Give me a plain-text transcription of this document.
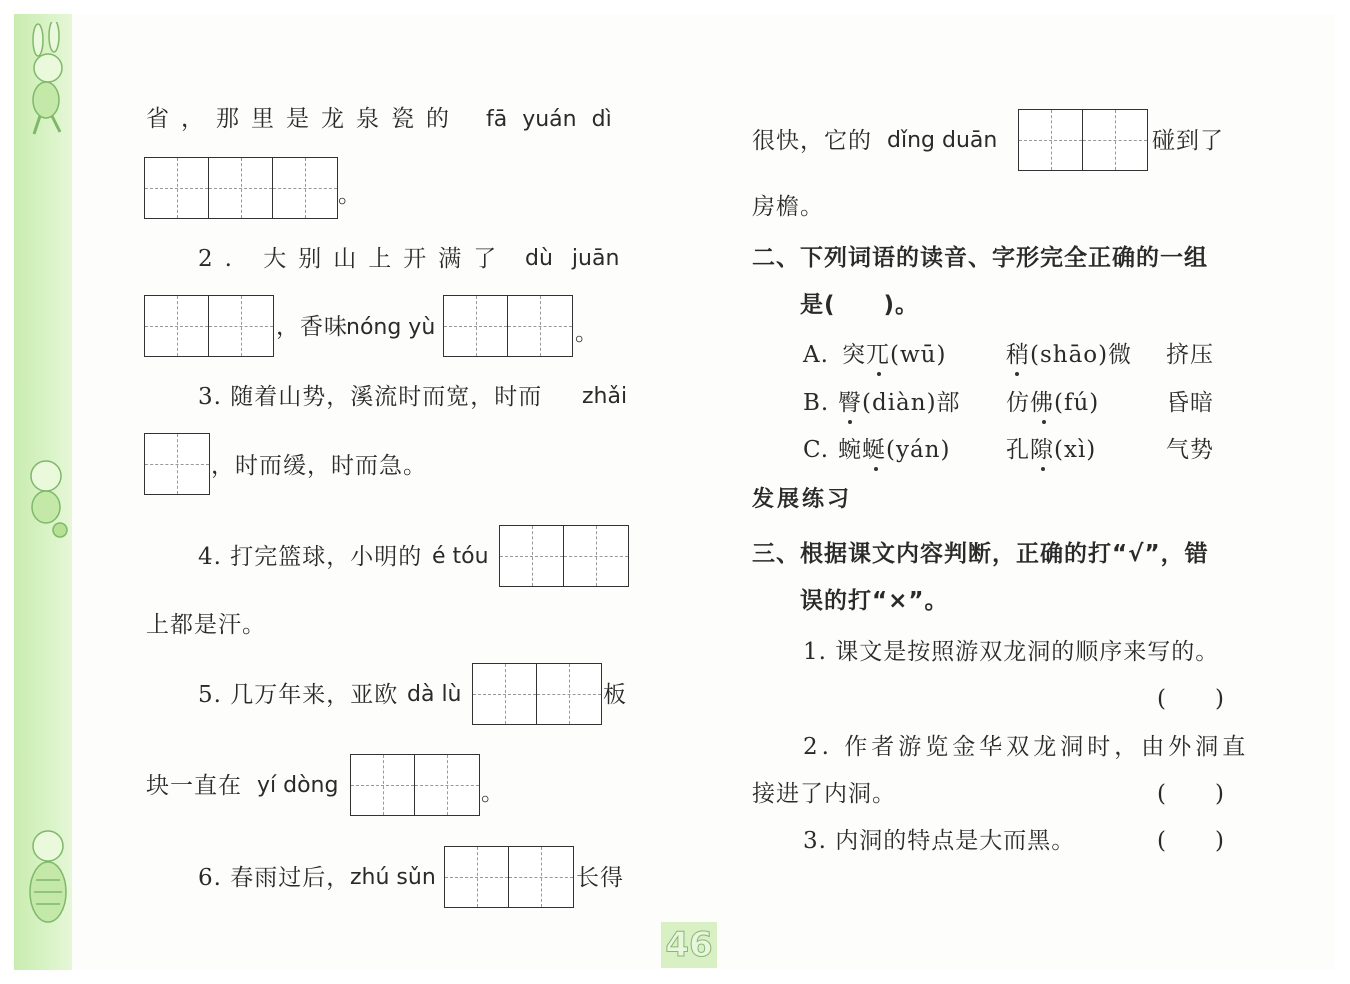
省，那里是龙泉瓷的 fā yuán dì
。
2. 大别山上开满了 dù juān
，香味
nóng yù	。
3. 随着山势，溪流时而宽，时而 zhǎi
，时而缓，时而急。
4. 打完篮球，小明的 é tóu
上都是汗。
5. 几万年来，亚欧 dà lù	板
块一直在 yí dòng	。
6. 春雨过后， zhú sǔn	长得
很快，它的 dǐng duān	碰到了
房檐。
二、下列词语的读音、字形完全正确的一组
是(　　)。
A. 突兀(wū)	稍(shāo)微 挤压
B. 臀(diàn)部 仿佛(fú)	昏暗
C. 蜿蜒(yán) 孔隙(xì)	气势
发展练习
三、根据课文内容判断，正确的打“√”，错
误的打“×”。
1. 课文是按照游双龙洞的顺序来写的。
(　　)
2. 作者游览金华双龙洞时，由外洞直
接进了内洞。	(　　)
3. 内洞的特点是大而黑。	(　　)
46
